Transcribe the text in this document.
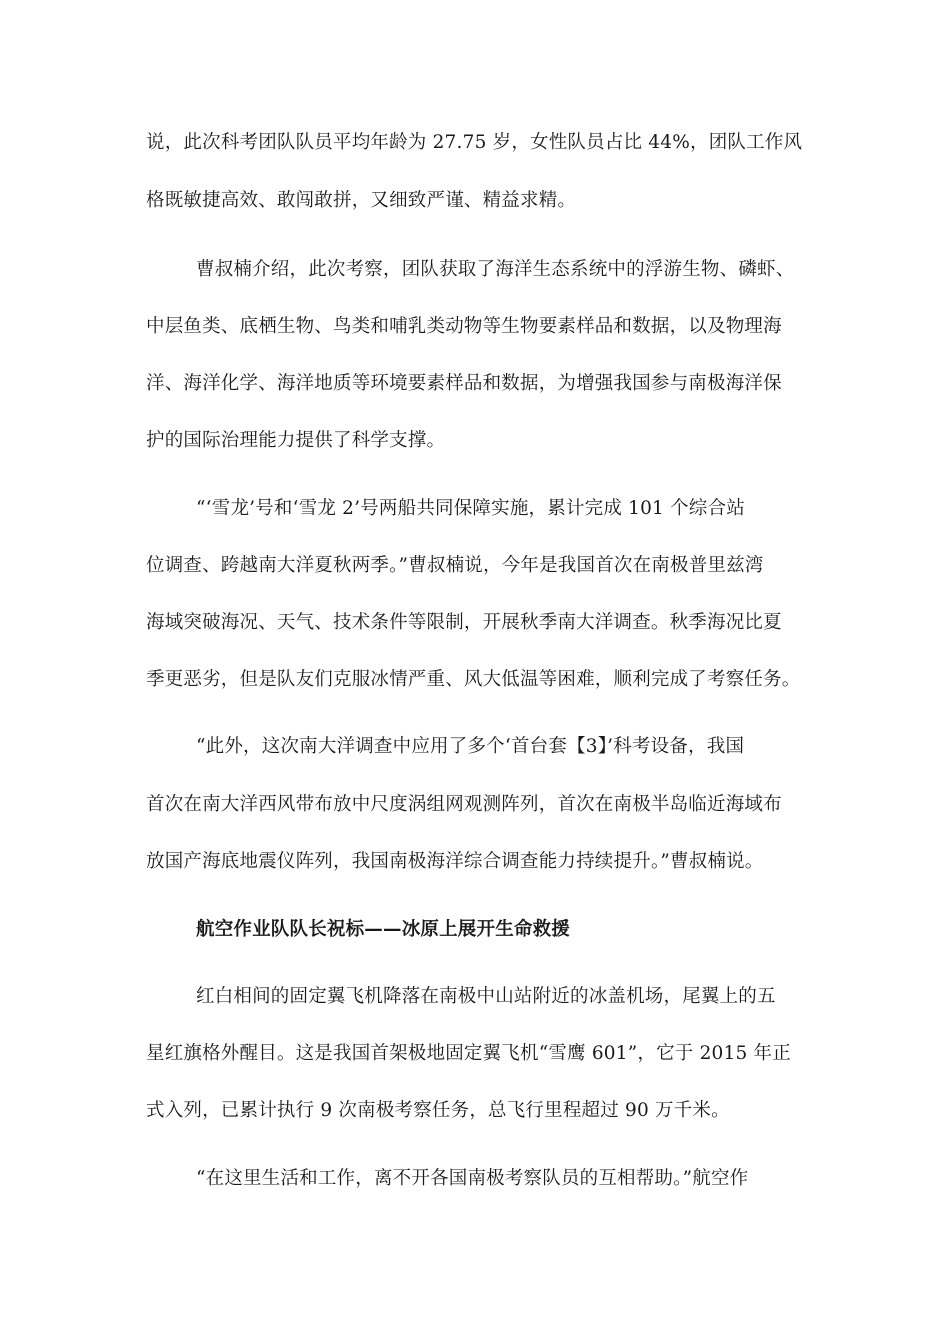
说，此次科考团队队员平均年龄为 27.75 岁，女性队员占比 44%，团队工作风
格既敏捷高效、敢闯敢拼，又细致严谨、精益求精。
曹叔楠介绍，此次考察，团队获取了海洋生态系统中的浮游生物、磷虾、
中层鱼类、底栖生物、鸟类和哺乳类动物等生物要素样品和数据，以及物理海
洋、海洋化学、海洋地质等环境要素样品和数据，为增强我国参与南极海洋保
护的国际治理能力提供了科学支撑。
“‘雪龙’号和‘雪龙 2’号两船共同保障实施，累计完成 101 个综合站
位调查、跨越南大洋夏秋两季。”曹叔楠说，今年是我国首次在南极普里兹湾
海域突破海况、天气、技术条件等限制，开展秋季南大洋调查。秋季海况比夏
季更恶劣，但是队友们克服冰情严重、风大低温等困难，顺利完成了考察任务。
“此外，这次南大洋调查中应用了多个‘首台套【3】’科考设备，我国
首次在南大洋西风带布放中尺度涡组网观测阵列，首次在南极半岛临近海域布
放国产海底地震仪阵列，我国南极海洋综合调查能力持续提升。”曹叔楠说。
航空作业队队长祝标——冰原上展开生命救援
红白相间的固定翼飞机降落在南极中山站附近的冰盖机场，尾翼上的五
星红旗格外醒目。这是我国首架极地固定翼飞机“雪鹰 601”，它于 2015 年正
式入列，已累计执行 9 次南极考察任务，总飞行里程超过 90 万千米。
“在这里生活和工作，离不开各国南极考察队员的互相帮助。”航空作
